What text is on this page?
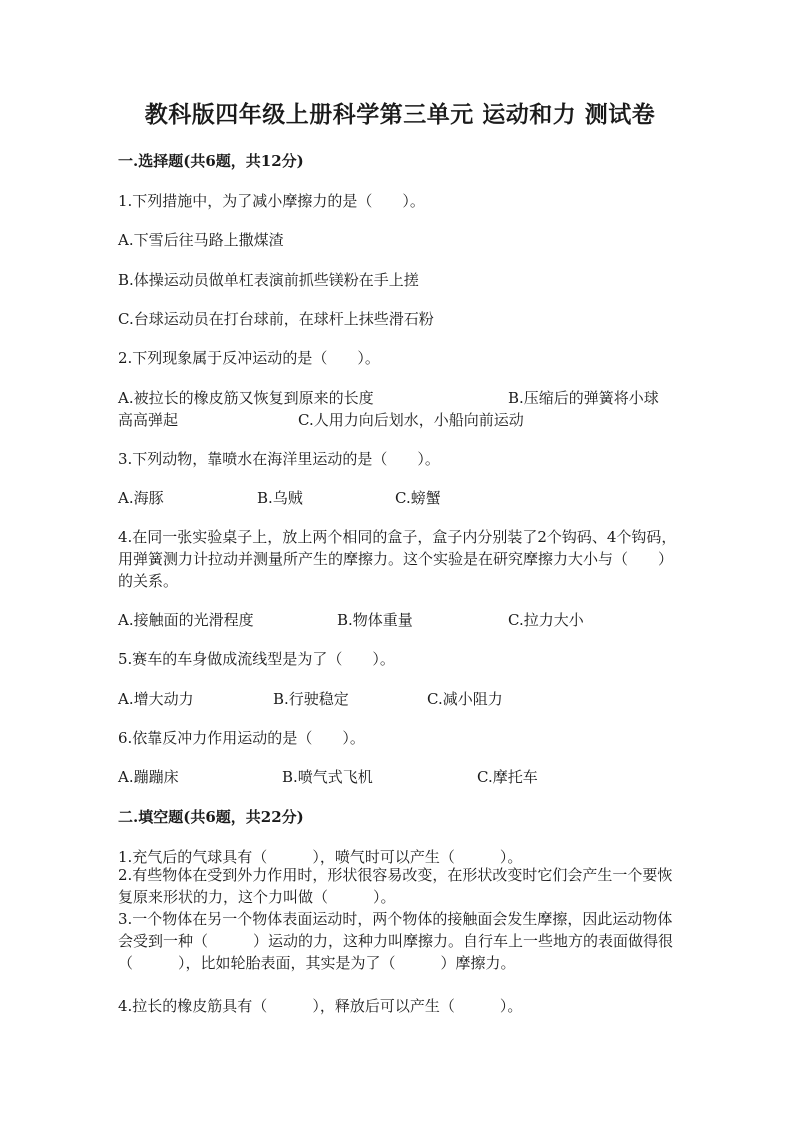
教科版四年级上册科学第三单元 运动和力 测试卷
一.选择题(共6题，共12分)
1.下列措施中，为了减小摩擦力的是（　　）。
A.下雪后往马路上撒煤渣
B.体操运动员做单杠表演前抓些镁粉在手上搓
C.台球运动员在打台球前，在球杆上抹些滑石粉
2.下列现象属于反冲运动的是（　　）。
A.被拉长的橡皮筋又恢复到原来的长度	B.压缩后的弹簧将小球
高高弹起	C.人用力向后划水，小船向前运动
3.下列动物，靠喷水在海洋里运动的是（　　）。
A.海豚	B.乌贼	C.螃蟹
4.在同一张实验桌子上，放上两个相同的盒子，盒子内分别装了2个钩码、4个钩码，用弹簧测力计拉动并测量所产生的摩擦力。这个实验是在研究摩擦力大小与（　　）的关系。
A.接触面的光滑程度	B.物体重量	C.拉力大小
5.赛车的车身做成流线型是为了（　　）。
A.增大动力	B.行驶稳定	C.减小阻力
6.依靠反冲力作用运动的是（　　）。
A.蹦蹦床	B.喷气式飞机	C.摩托车
二.填空题(共6题，共22分)
1.充气后的气球具有（　　　），喷气时可以产生（　　　）。
2.有些物体在受到外力作用时，形状很容易改变，在形状改变时它们会产生一个要恢复原来形状的力，这个力叫做（　　　）。
3.一个物体在另一个物体表面运动时，两个物体的接触面会发生摩擦，因此运动物体会受到一种（　　　）运动的力，这种力叫摩擦力。自行车上一些地方的表面做得很（　　　），比如轮胎表面，其实是为了（　　　）摩擦力。
4.拉长的橡皮筋具有（　　　），释放后可以产生（　　　）。
